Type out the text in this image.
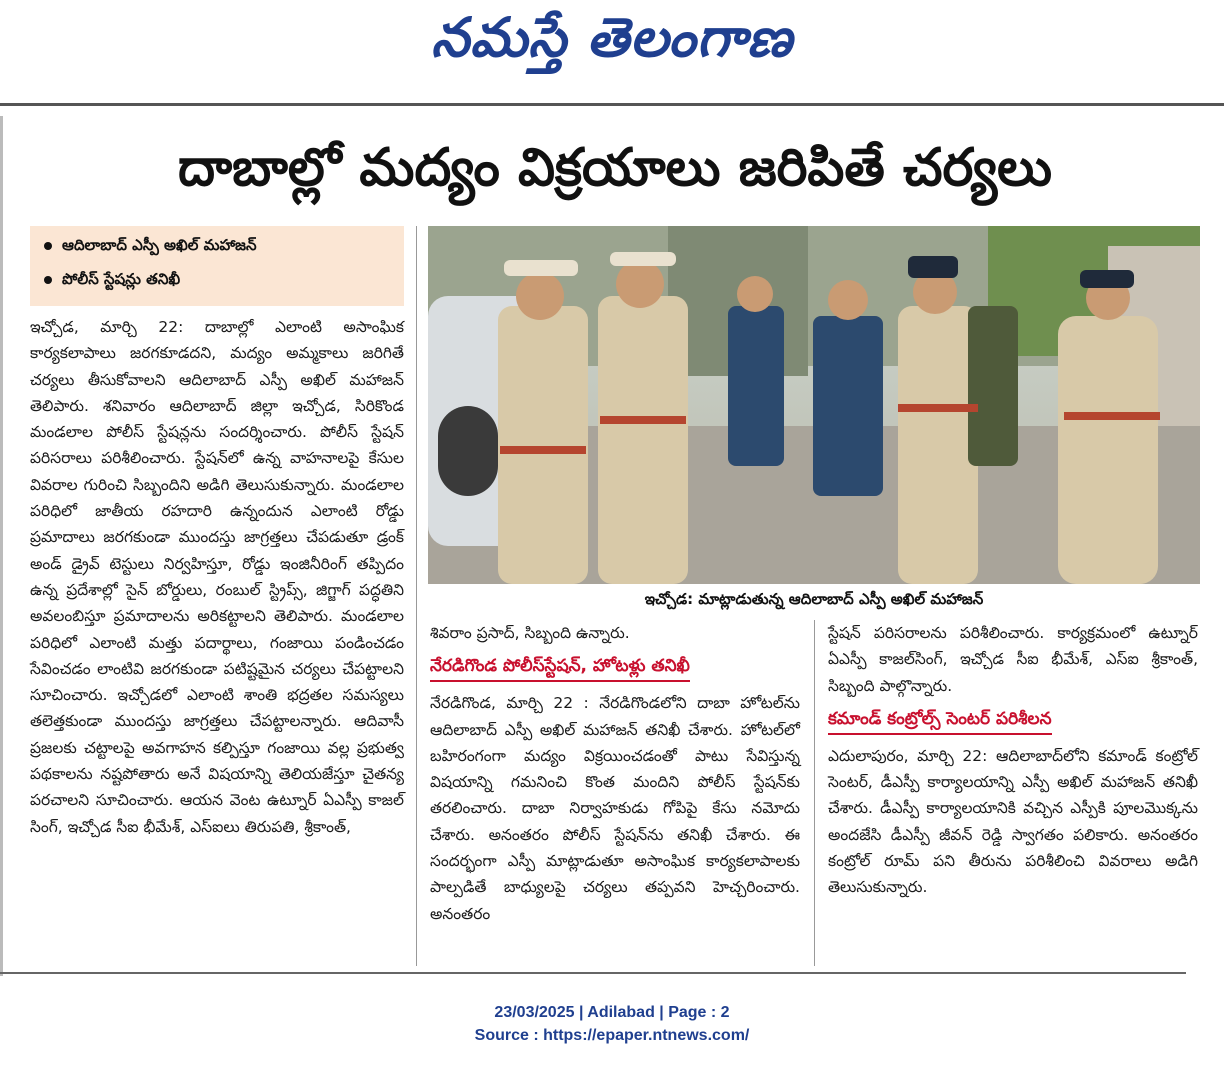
నమస్తే తెలంగాణ
దాబాల్లో మద్యం విక్రయాలు జరిపితే చర్యలు
ఆదిలాబాద్ ఎస్పీ అఖిల్ మహాజన్
పోలీస్ స్టేషన్లు తనిఖీ

ఇచ్చోడ, మార్చి 22: దాబాల్లో ఎలాంటి అసాంఘిక కార్యకలాపాలు జరగకూడదని, మద్యం అమ్మకాలు జరిగితే చర్యలు తీసుకోవాలని ఆదిలాబాద్ ఎస్పీ అఖిల్ మహాజన్ తెలిపారు. శనివారం ఆదిలాబాద్ జిల్లా ఇచ్చోడ, సిరికొండ మండలాల పోలీస్ స్టేషన్లను సందర్శించారు. పోలీస్ స్టేషన్ పరిసరాలు పరిశీలించారు. స్టేషన్‌లో ఉన్న వాహనాలపై కేసుల వివరాల గురించి సిబ్బందిని అడిగి తెలుసుకున్నారు. మండలాల పరిధిలో జాతీయ రహదారి ఉన్నందున ఎలాంటి రోడ్డు ప్రమాదాలు జరగకుండా ముందస్తు జాగ్రత్తలు చేపడుతూ డ్రంక్ అండ్ డ్రైవ్ టెస్టులు నిర్వహిస్తూ, రోడ్డు ఇంజినీరింగ్ తప్పిదం ఉన్న ప్రదేశాల్లో సైన్ బోర్డులు, రంబుల్ స్ట్రిప్స్, జిగ్జాగ్ పద్ధతిని అవలంబిస్తూ ప్రమాదాలను అరికట్టాలని తెలిపారు. మండలాల పరిధిలో ఎలాంటి మత్తు పదార్థాలు, గంజాయి పండించడం సేవించడం లాంటివి జరగకుండా పటిష్టమైన చర్యలు చేపట్టాలని సూచించారు. ఇచ్చోడలో ఎలాంటి శాంతి భద్రతల సమస్యలు తలెత్తకుండా ముందస్తు జాగ్రత్తలు చేపట్టాలన్నారు. ఆదివాసీ ప్రజలకు చట్టాలపై అవగాహన కల్పిస్తూ గంజాయి వల్ల ప్రభుత్వ పథకాలను నష్టపోతారు అనే విషయాన్ని తెలియజేస్తూ చైతన్య పరచాలని సూచించారు. ఆయన వెంట ఉట్నూర్ ఏఎస్పీ కాజల్ సింగ్, ఇచ్చోడ సీఐ భీమేశ్, ఎస్ఐలు తిరుపతి, శ్రీకాంత్,

ఇచ్చోడ: మాట్లాడుతున్న ఆదిలాబాద్ ఎస్పీ అఖిల్ మహాజన్

శివరాం ప్రసాద్, సిబ్బంది ఉన్నారు.

నేరడిగొండ పోలీస్‌స్టేషన్, హోటళ్లు తనిఖీ

నేరడిగొండ, మార్చి 22 : నేరడిగొండలోని దాబా హోటల్‌ను ఆదిలాబాద్ ఎస్పీ అఖిల్ మహాజన్ తనిఖీ చేశారు. హోటల్‌లో బహిరంగంగా మద్యం విక్రయించడంతో పాటు సేవిస్తున్న విషయాన్ని గమనించి కొంత మందిని పోలీస్ స్టేషన్‌కు తరలించారు. దాబా నిర్వాహకుడు గోపిపై కేసు నమోదు చేశారు. అనంతరం పోలీస్ స్టేషన్‌ను తనిఖీ చేశారు. ఈ సందర్భంగా ఎస్పీ మాట్లాడుతూ అసాంఘిక కార్యకలాపాలకు పాల్పడితే బాధ్యులపై చర్యలు తప్పవని హెచ్చరించారు. అనంతరం

స్టేషన్ పరిసరాలను పరిశీలించారు. కార్యక్రమంలో ఉట్నూర్ ఏఎస్పీ కాజల్‌సింగ్, ఇచ్చోడ సీఐ భీమేశ్, ఎస్ఐ శ్రీకాంత్, సిబ్బంది పాల్గొన్నారు.

కమాండ్ కంట్రోల్స్ సెంటర్ పరిశీలన

ఎదులాపురం, మార్చి 22: ఆదిలాబాద్‌లోని కమాండ్ కంట్రోల్ సెంటర్, డీఎస్పీ కార్యాలయాన్ని ఎస్పీ అఖిల్ మహాజన్ తనిఖీ చేశారు. డీఎస్పీ కార్యాలయానికి వచ్చిన ఎస్పీకి పూలమొక్కను అందజేసి డీఎస్పీ జీవన్ రెడ్డి స్వాగతం పలికారు. అనంతరం కంట్రోల్ రూమ్ పని తీరును పరిశీలించి వివరాలు అడిగి తెలుసుకున్నారు.

23/03/2025 | Adilabad | Page : 2
Source : https://epaper.ntnews.com/
